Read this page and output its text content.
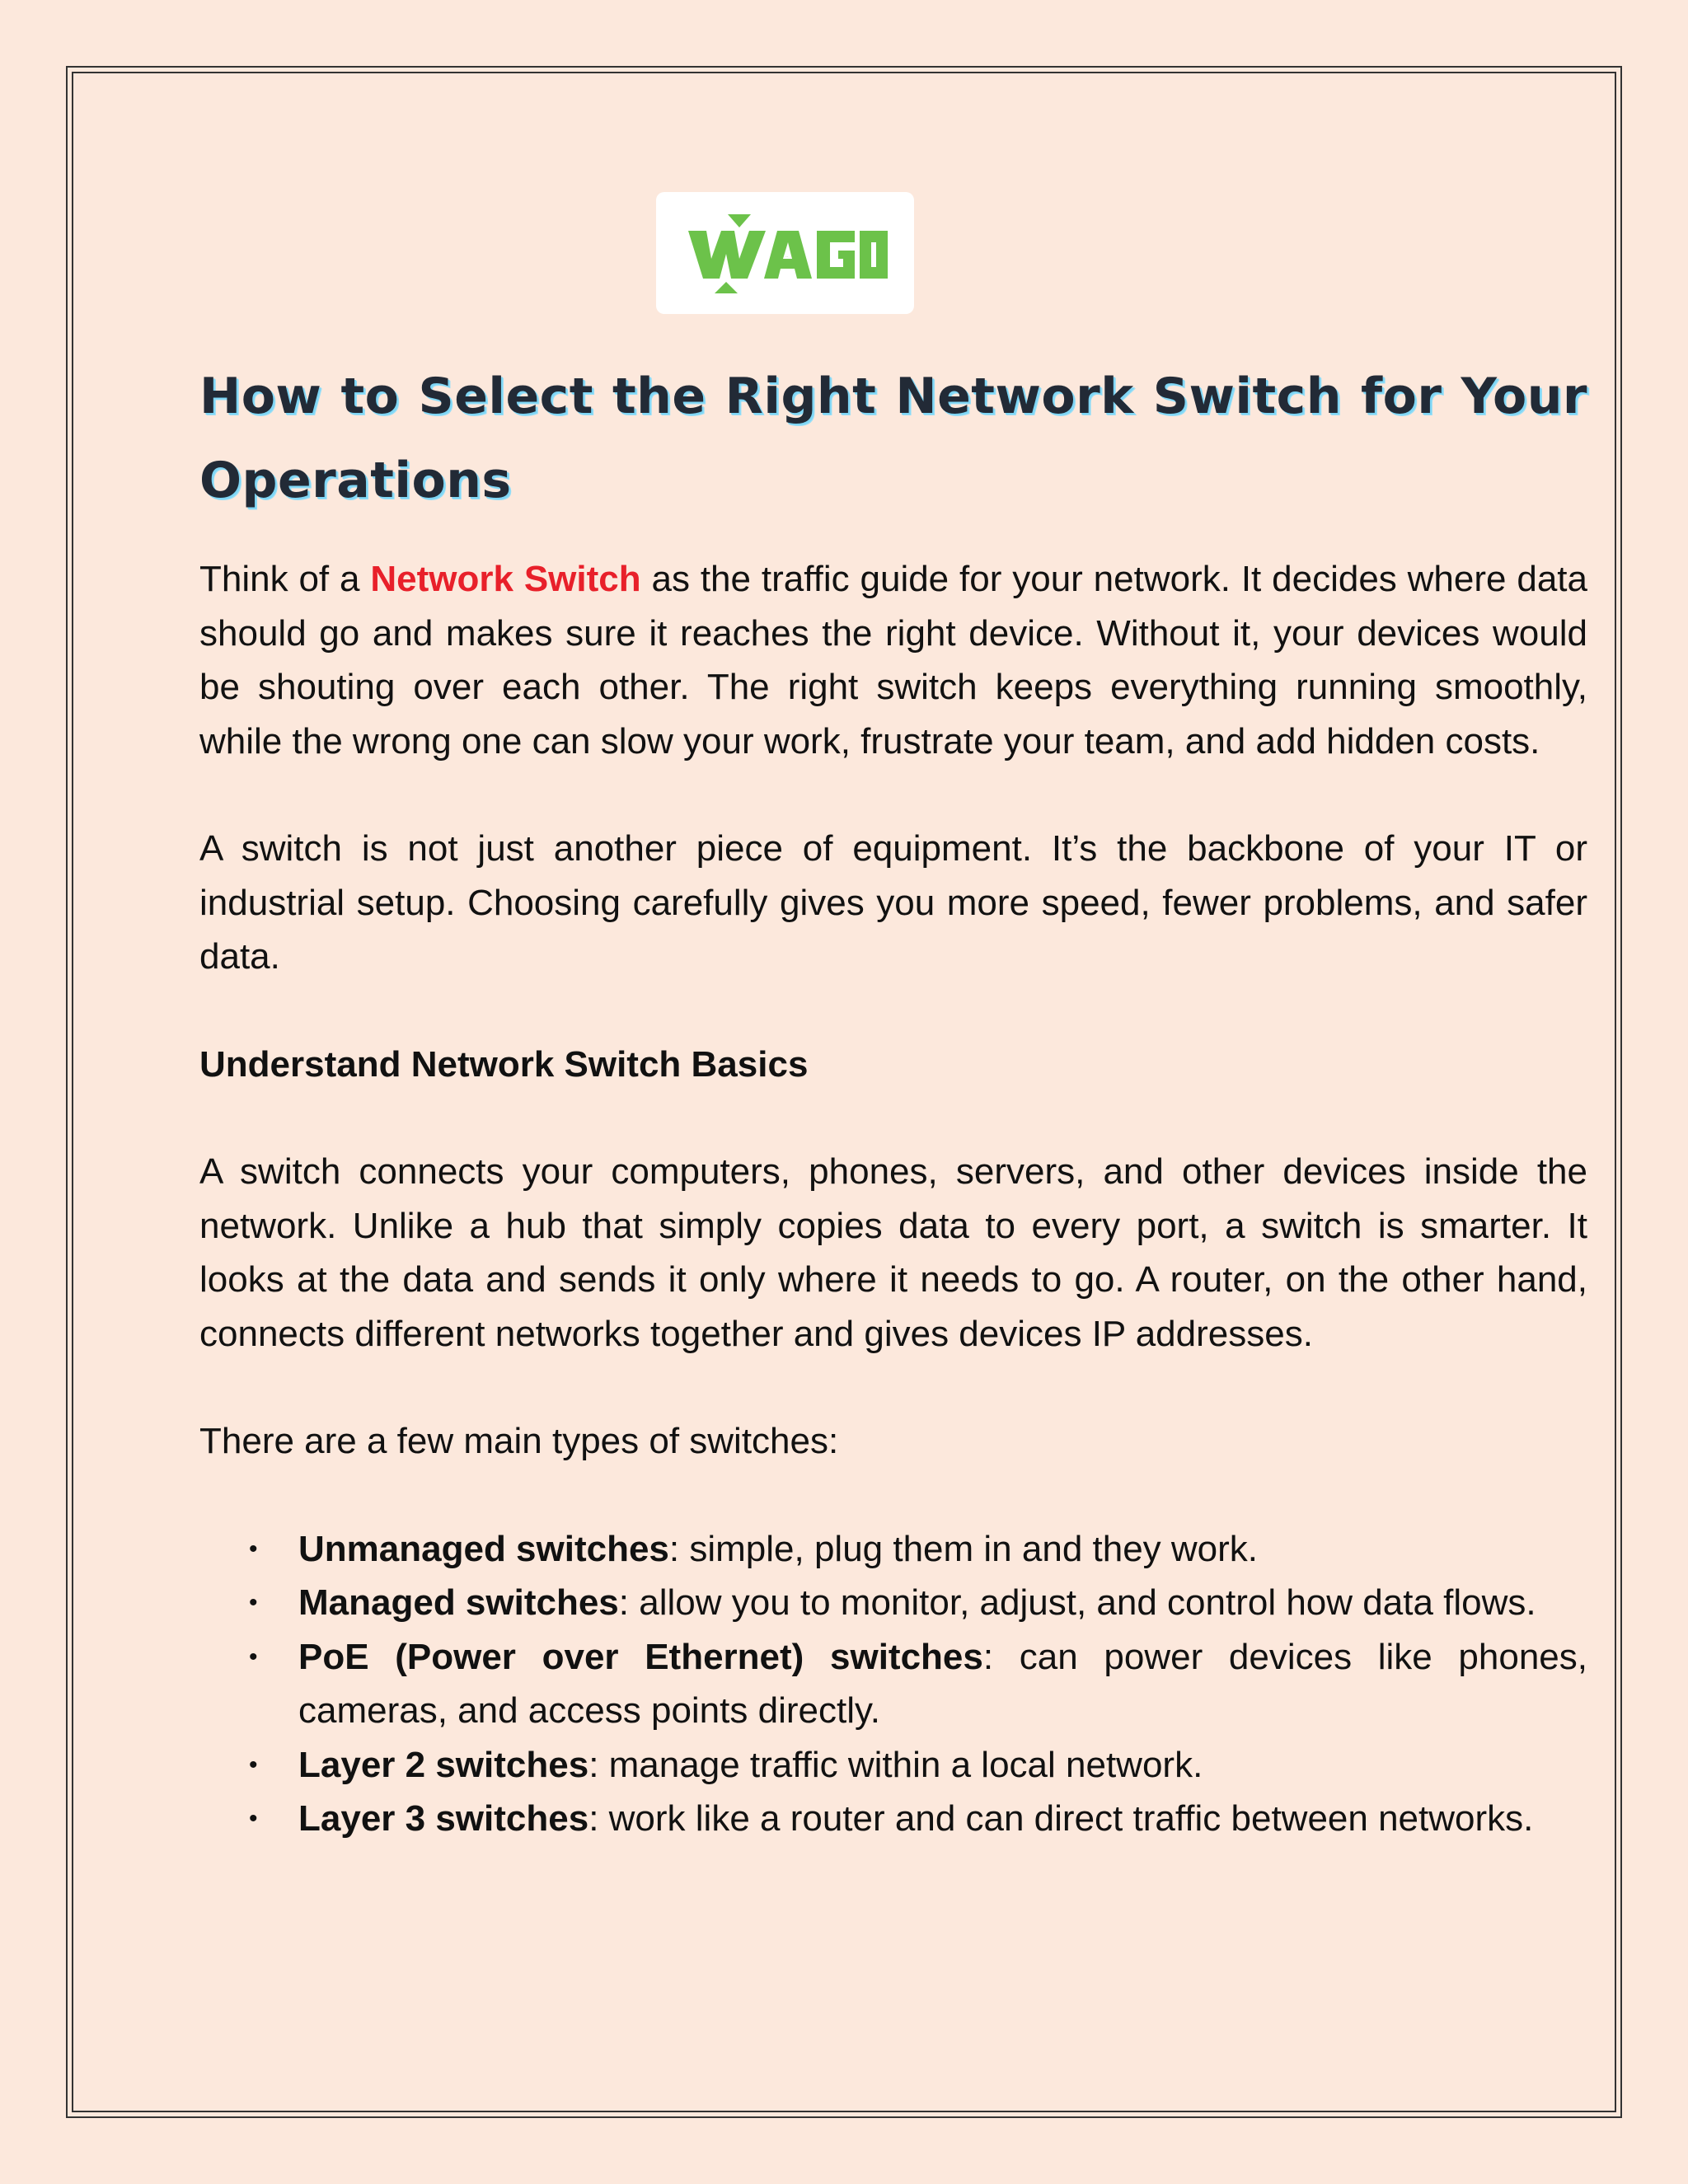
WAGO
How to Select the Right Network Switch for Your
Operations

Think of a Network Switch as the traffic guide for your network. It decides where data should go and makes sure it reaches the right device. Without it, your devices would be shouting over each other. The right switch keeps everything running smoothly, while the wrong one can slow your work, frustrate your team, and add hidden costs.

A switch is not just another piece of equipment. It’s the backbone of your IT or industrial setup. Choosing carefully gives you more speed, fewer problems, and safer data.

Understand Network Switch Basics

A switch connects your computers, phones, servers, and other devices inside the network. Unlike a hub that simply copies data to every port, a switch is smarter. It looks at the data and sends it only where it needs to go. A router, on the other hand, connects different networks together and gives devices IP addresses.

There are a few main types of switches:

• Unmanaged switches: simple, plug them in and they work.
• Managed switches: allow you to monitor, adjust, and control how data flows.
• PoE (Power over Ethernet) switches: can power devices like phones, cameras, and access points directly.
• Layer 2 switches: manage traffic within a local network.
• Layer 3 switches: work like a router and can direct traffic between networks.
